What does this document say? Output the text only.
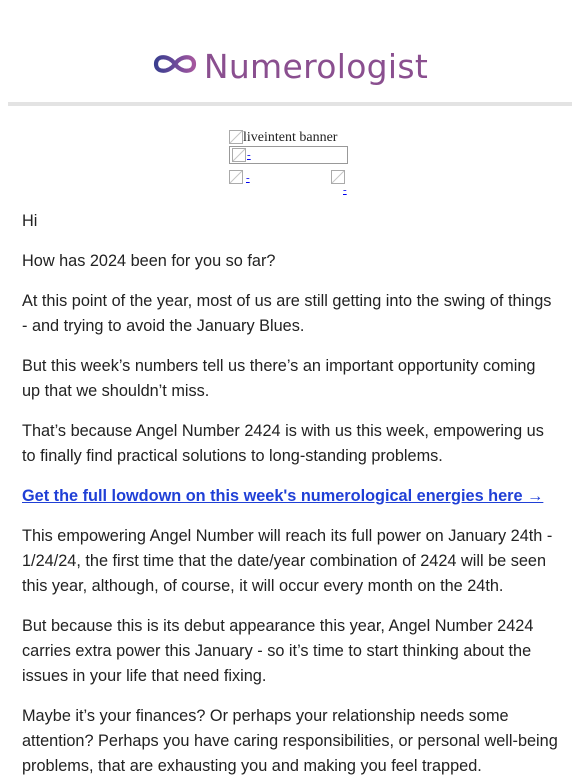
Numerologist
liveintent banner
-
-
-

Hi

How has 2024 been for you so far?

At this point of the year, most of us are still getting into the swing of things - and trying to avoid the January Blues.

But this week’s numbers tell us there’s an important opportunity coming up that we shouldn’t miss.

That’s because Angel Number 2424 is with us this week, empowering us to finally find practical solutions to long-standing problems.

Get the full lowdown on this week's numerological energies here →

This empowering Angel Number will reach its full power on January 24th - 1/24/24, the first time that the date/year combination of 2424 will be seen this year, although, of course, it will occur every month on the 24th.

But because this is its debut appearance this year, Angel Number 2424 carries extra power this January - so it’s time to start thinking about the issues in your life that need fixing.

Maybe it’s your finances? Or perhaps your relationship needs some attention? Perhaps you have caring responsibilities, or personal well-being problems, that are exhausting you and making you feel trapped.
